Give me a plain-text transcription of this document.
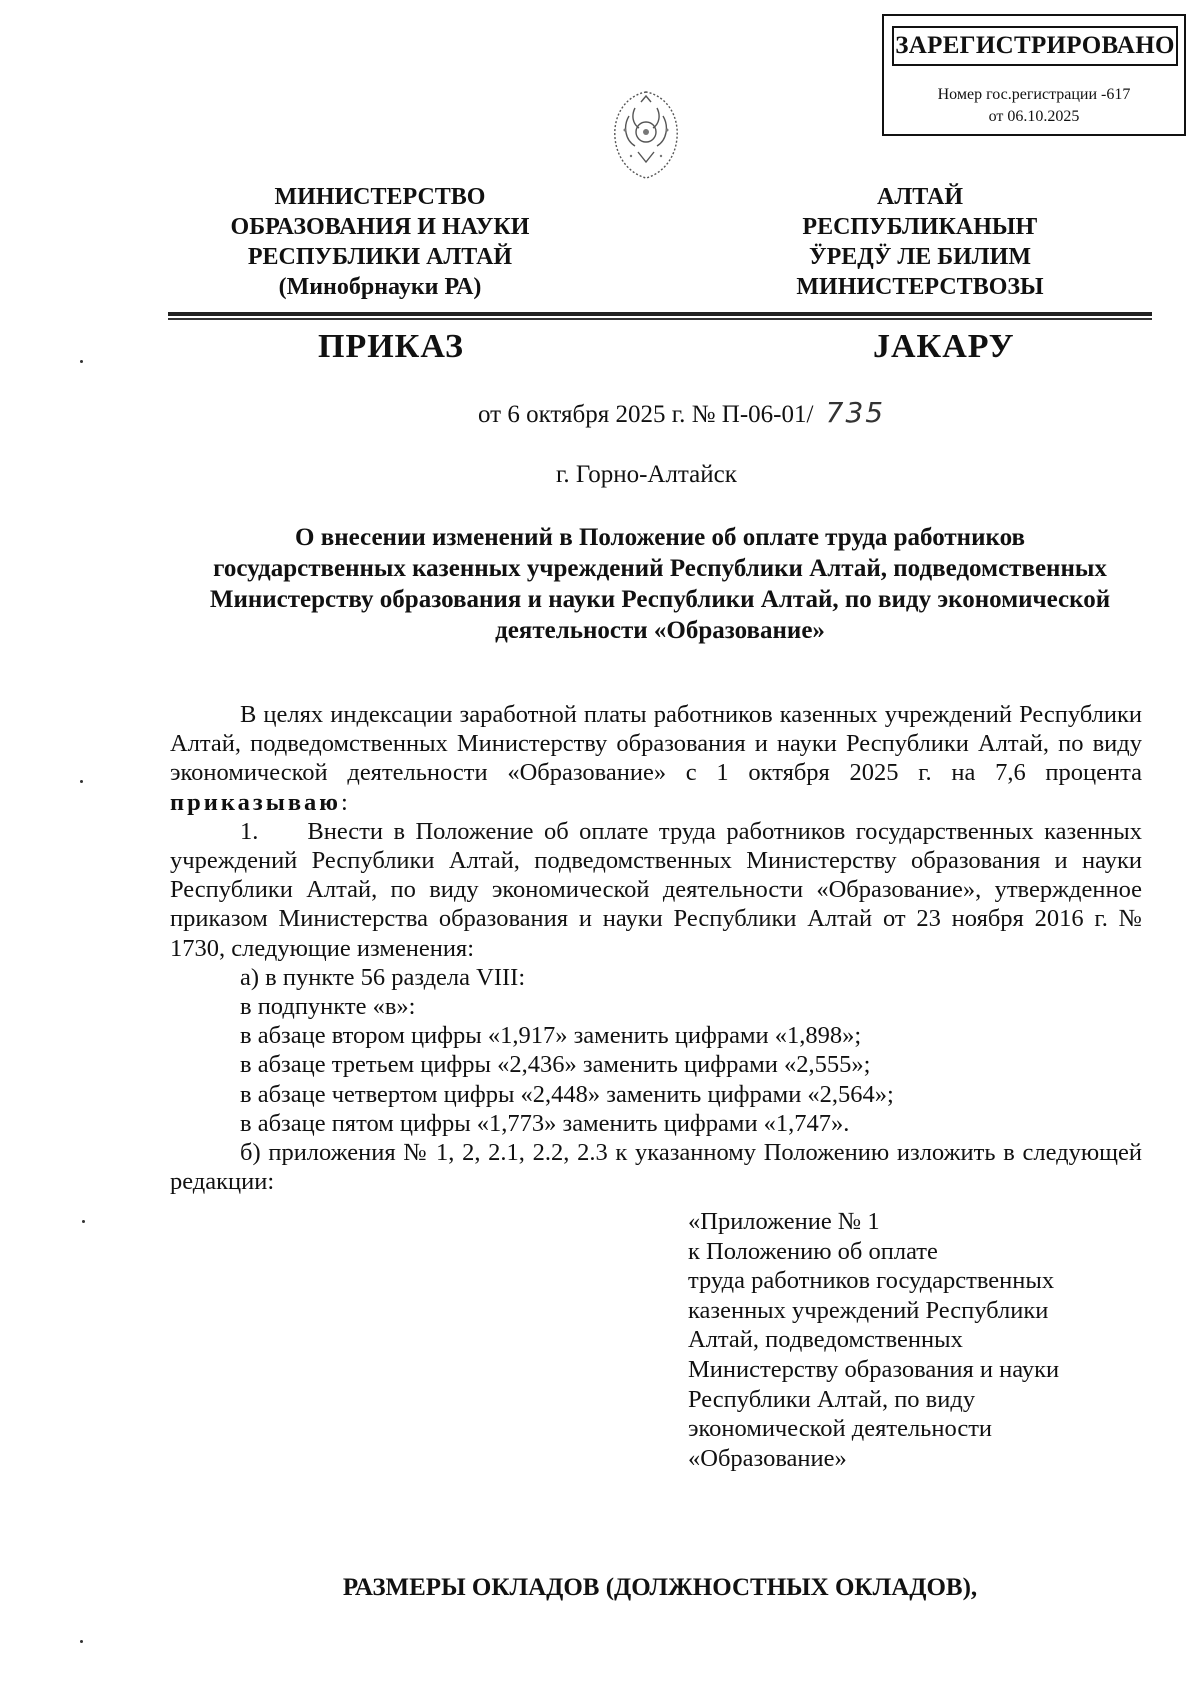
ЗАРЕГИСТРИРОВАНО
Номер гос.регистрации -617
от 06.10.2025
МИНИСТЕРСТВО
ОБРАЗОВАНИЯ И НАУКИ
РЕСПУБЛИКИ АЛТАЙ
(Минобрнауки РА)
АЛТАЙ РЕСПУБЛИКАНЫҤ
ӰРЕДӰ ЛЕ БИЛИМ
МИНИСТЕРСТВОЗЫ
ПРИКАЗ	ЈАКАРУ
от 6 октября 2025 г. № П-06-01/ 735
г. Горно-Алтайск
О внесении изменений в Положение об оплате труда работников
государственных казенных учреждений Республики Алтай, подведомственных
Министерству образования и науки Республики Алтай, по виду экономической
деятельности «Образование»

В целях индексации заработной платы работников казенных учреждений Республики Алтай, подведомственных Министерству образования и науки Республики Алтай, по виду экономической деятельности «Образование» с 1 октября 2025 г. на 7,6 процента приказываю:

1.  Внести в Положение об оплате труда работников государственных казенных учреждений Республики Алтай, подведомственных Министерству образования и науки Республики Алтай, по виду экономической деятельности «Образование», утвержденное приказом Министерства образования и науки Республики Алтай от 23 ноября 2016 г. № 1730, следующие изменения:

а) в пункте 56 раздела VIII:

в подпункте «в»:

в абзаце втором цифры «1,917» заменить цифрами «1,898»;

в абзаце третьем цифры «2,436» заменить цифрами «2,555»;

в абзаце четвертом цифры «2,448» заменить цифрами «2,564»;

в абзаце пятом цифры «1,773» заменить цифрами «1,747».

б) приложения № 1, 2, 2.1, 2.2, 2.3 к указанному Положению изложить в следующей редакции:

«Приложение № 1
к Положению об оплате
труда работников государственных
казенных учреждений Республики
Алтай, подведомственных
Министерству образования и науки
Республики Алтай, по виду
экономической деятельности
«Образование»
РАЗМЕРЫ ОКЛАДОВ (ДОЛЖНОСТНЫХ ОКЛАДОВ),
